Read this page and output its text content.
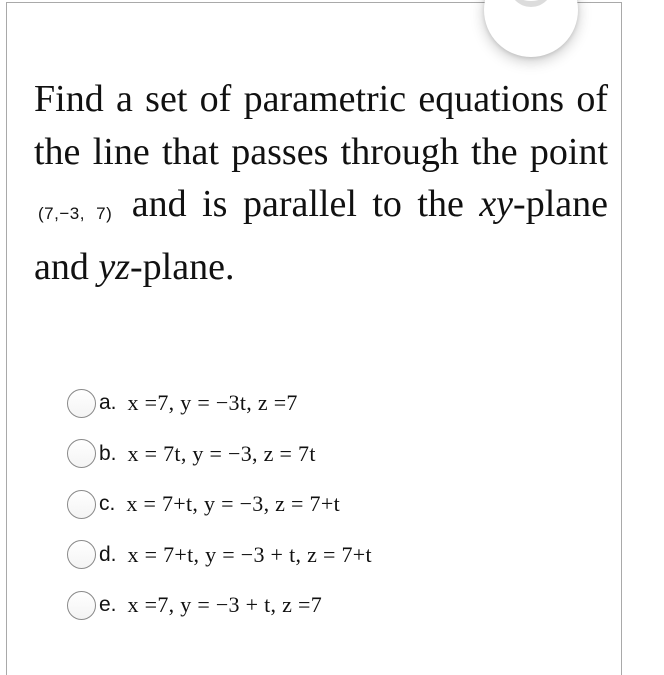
Find a set of parametric equations of the line that passes through the point (7,−3, 7) and is parallel to the xy-plane and yz-plane.
a. x =7, y = −3t, z =7
b. x = 7t, y = −3, z = 7t
c. x = 7+t, y = −3, z = 7+t
d. x = 7+t, y = −3 + t, z = 7+t
e. x =7, y = −3 + t, z =7
